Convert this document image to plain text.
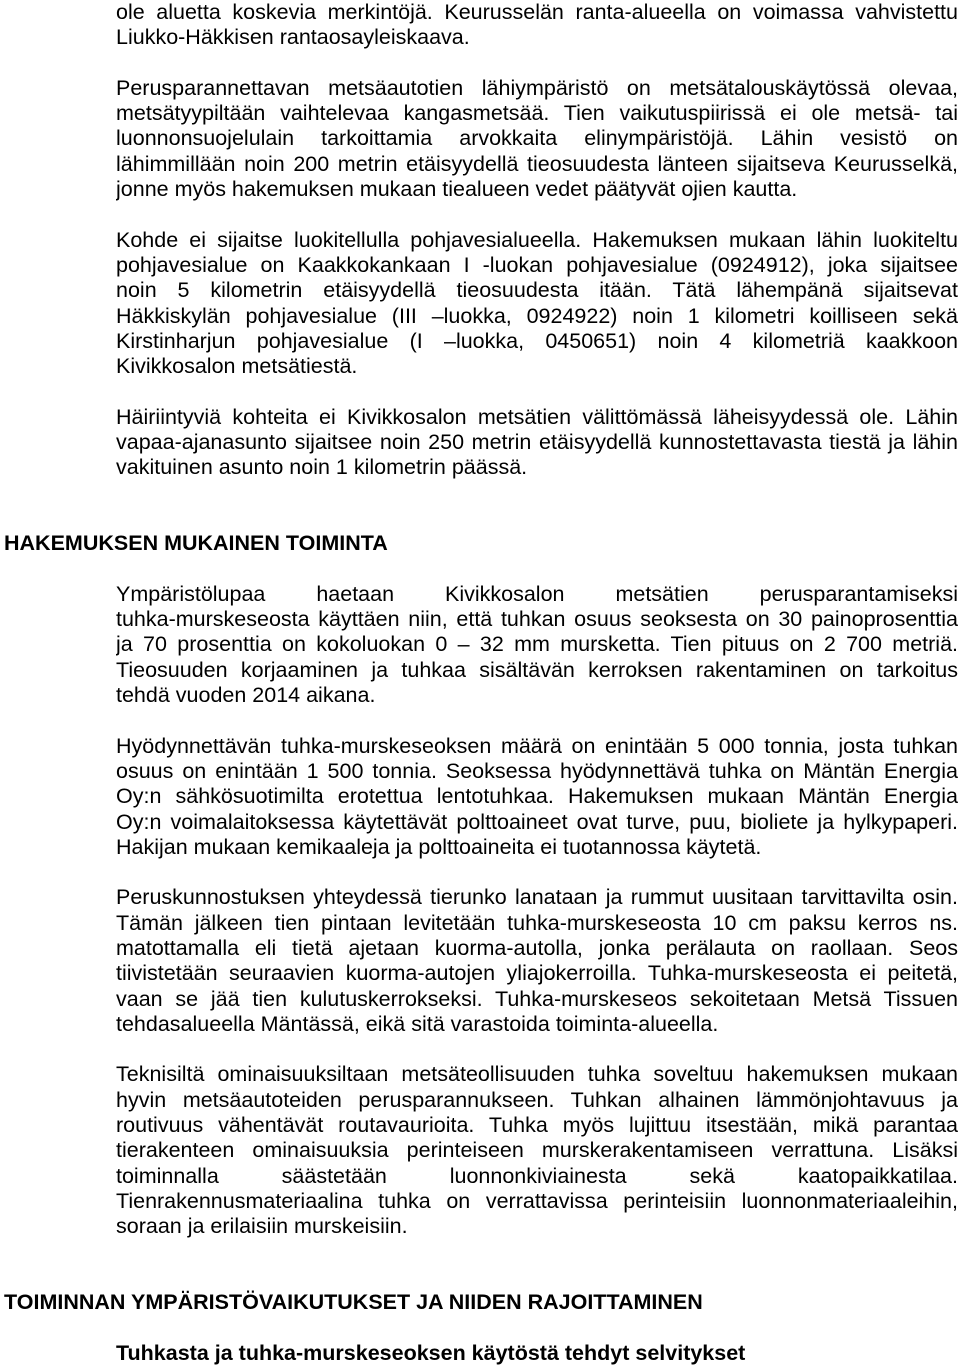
ole aluetta koskevia merkintöjä. Keurusselän ranta-alueella on voimassa vahvistettu
Liukko-Häkkisen rantaosayleiskaava.
Perusparannettavan metsäautotien lähiympäristö on metsätalouskäytössä olevaa,
metsätyypiltään vaihtelevaa kangasmetsää. Tien vaikutuspiirissä ei ole metsä- tai
luonnonsuojelulain tarkoittamia arvokkaita elinympäristöjä. Lähin vesistö on
lähimmillään noin 200 metrin etäisyydellä tieosuudesta länteen sijaitseva Keurusselkä,
jonne myös hakemuksen mukaan tiealueen vedet päätyvät ojien kautta.
Kohde ei sijaitse luokitellulla pohjavesialueella. Hakemuksen mukaan lähin luokiteltu
pohjavesialue on Kaakkokankaan I -luokan pohjavesialue (0924912), joka sijaitsee
noin 5 kilometrin etäisyydellä tieosuudesta itään. Tätä lähempänä sijaitsevat
Häkkiskylän pohjavesialue (III –luokka, 0924922) noin 1 kilometri koilliseen sekä
Kirstinharjun pohjavesialue (I –luokka, 0450651) noin 4 kilometriä kaakkoon
Kivikkosalon metsätiestä.
Häiriintyviä kohteita ei Kivikkosalon metsätien välittömässä läheisyydessä ole. Lähin
vapaa-ajanasunto sijaitsee noin 250 metrin etäisyydellä kunnostettavasta tiestä ja lähin
vakituinen asunto noin 1 kilometrin päässä.
HAKEMUKSEN MUKAINEN TOIMINTA
Ympäristölupaa haetaan Kivikkosalon metsätien perusparantamiseksi
tuhka-murskeseosta käyttäen niin, että tuhkan osuus seoksesta on 30 painoprosenttia
ja 70 prosenttia on kokoluokan 0 – 32 mm mursketta. Tien pituus on 2 700 metriä.
Tieosuuden korjaaminen ja tuhkaa sisältävän kerroksen rakentaminen on tarkoitus
tehdä vuoden 2014 aikana.
Hyödynnettävän tuhka-murskeseoksen määrä on enintään 5 000 tonnia, josta tuhkan
osuus on enintään 1 500 tonnia. Seoksessa hyödynnettävä tuhka on Mäntän Energia
Oy:n sähkösuotimilta erotettua lentotuhkaa. Hakemuksen mukaan Mäntän Energia
Oy:n voimalaitoksessa käytettävät polttoaineet ovat turve, puu, bioliete ja hylkypaperi.
Hakijan mukaan kemikaaleja ja polttoaineita ei tuotannossa käytetä.
Peruskunnostuksen yhteydessä tierunko lanataan ja rummut uusitaan tarvittavilta osin.
Tämän jälkeen tien pintaan levitetään tuhka-murskeseosta 10 cm paksu kerros ns.
matottamalla eli tietä ajetaan kuorma-autolla, jonka perälauta on raollaan. Seos
tiivistetään seuraavien kuorma-autojen yliajokerroilla. Tuhka-murskeseosta ei peitetä,
vaan se jää tien kulutuskerrokseksi. Tuhka-murskeseos sekoitetaan Metsä Tissuen
tehdasalueella Mäntässä, eikä sitä varastoida toiminta-alueella.
Teknisiltä ominaisuuksiltaan metsäteollisuuden tuhka soveltuu hakemuksen mukaan
hyvin metsäautoteiden perusparannukseen. Tuhkan alhainen lämmönjohtavuus ja
routivuus vähentävät routavaurioita. Tuhka myös lujittuu itsestään, mikä parantaa
tierakenteen ominaisuuksia perinteiseen murskerakentamiseen verrattuna. Lisäksi
toiminnalla säästetään luonnonkiviainesta sekä kaatopaikkatilaa.
Tienrakennusmateriaalina tuhka on verrattavissa perinteisiin luonnonmateriaaleihin,
soraan ja erilaisiin murskeisiin.
TOIMINNAN YMPÄRISTÖVAIKUTUKSET JA NIIDEN RAJOITTAMINEN
Tuhkasta ja tuhka-murskeseoksen käytöstä tehdyt selvitykset
